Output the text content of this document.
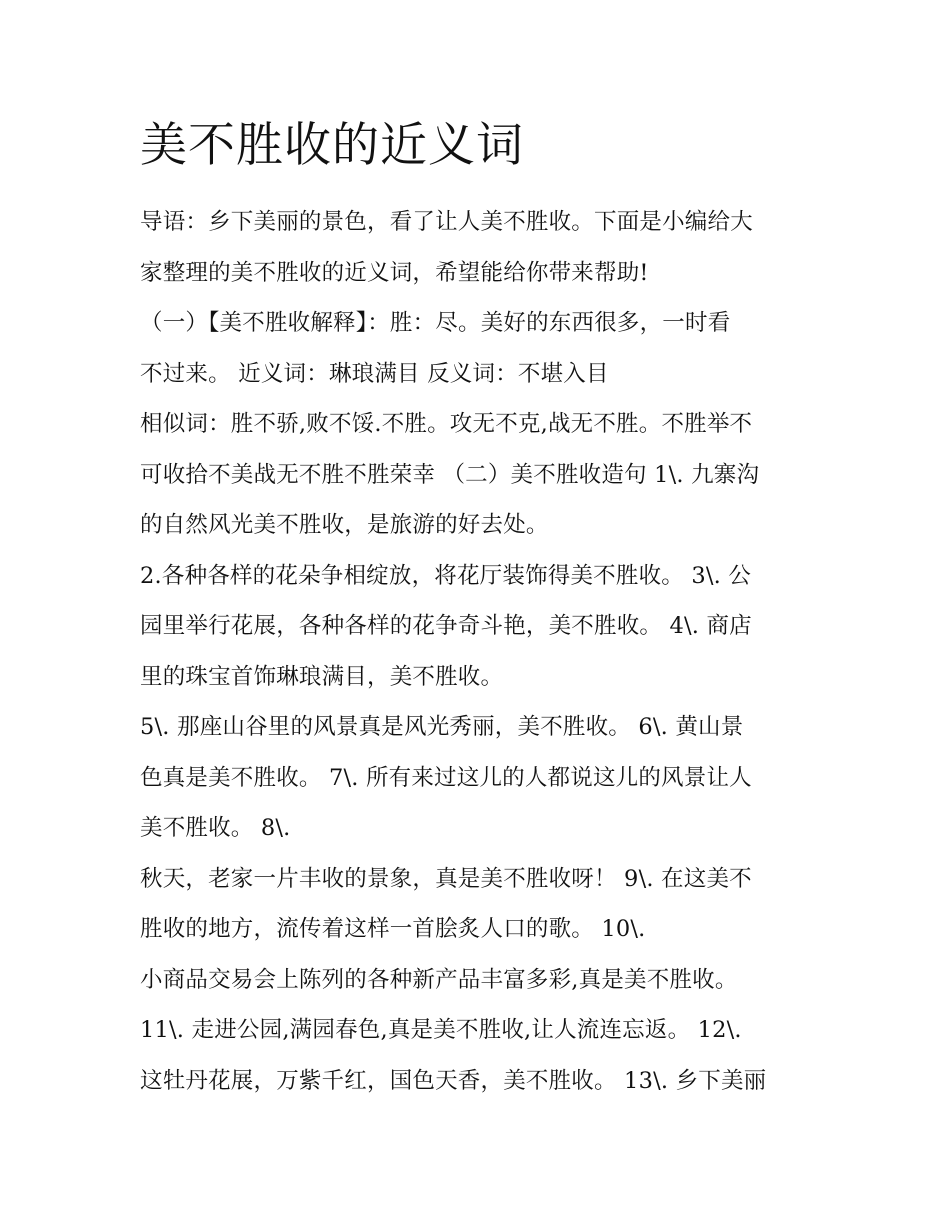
美不胜收的近义词
导语：乡下美丽的景色，看了让人美不胜收。下面是小编给大
家整理的美不胜收的近义词，希望能给你带来帮助!
（一）【美不胜收解释】：胜：尽。美好的东西很多，一时看
不过来。 近义词：琳琅满目 反义词：不堪入目
相似词：胜不骄,败不馁.不胜。攻无不克,战无不胜。不胜举不
可收拾不美战无不胜不胜荣幸 （二）美不胜收造句 1\. 九寨沟
的自然风光美不胜收，是旅游的好去处。
2.各种各样的花朵争相绽放，将花厅装饰得美不胜收。 3\. 公
园里举行花展，各种各样的花争奇斗艳，美不胜收。 4\. 商店
里的珠宝首饰琳琅满目，美不胜收。
5\. 那座山谷里的风景真是风光秀丽，美不胜收。 6\. 黄山景
色真是美不胜收。 7\. 所有来过这儿的人都说这儿的风景让人
美不胜收。 8\.
秋天，老家一片丰收的景象，真是美不胜收呀！ 9\. 在这美不
胜收的地方，流传着这样一首脍炙人口的歌。 10\.
小商品交易会上陈列的各种新产品丰富多彩,真是美不胜收。
11\. 走进公园,满园春色,真是美不胜收,让人流连忘返。 12\.
这牡丹花展，万紫千红，国色天香，美不胜收。 13\. 乡下美丽
